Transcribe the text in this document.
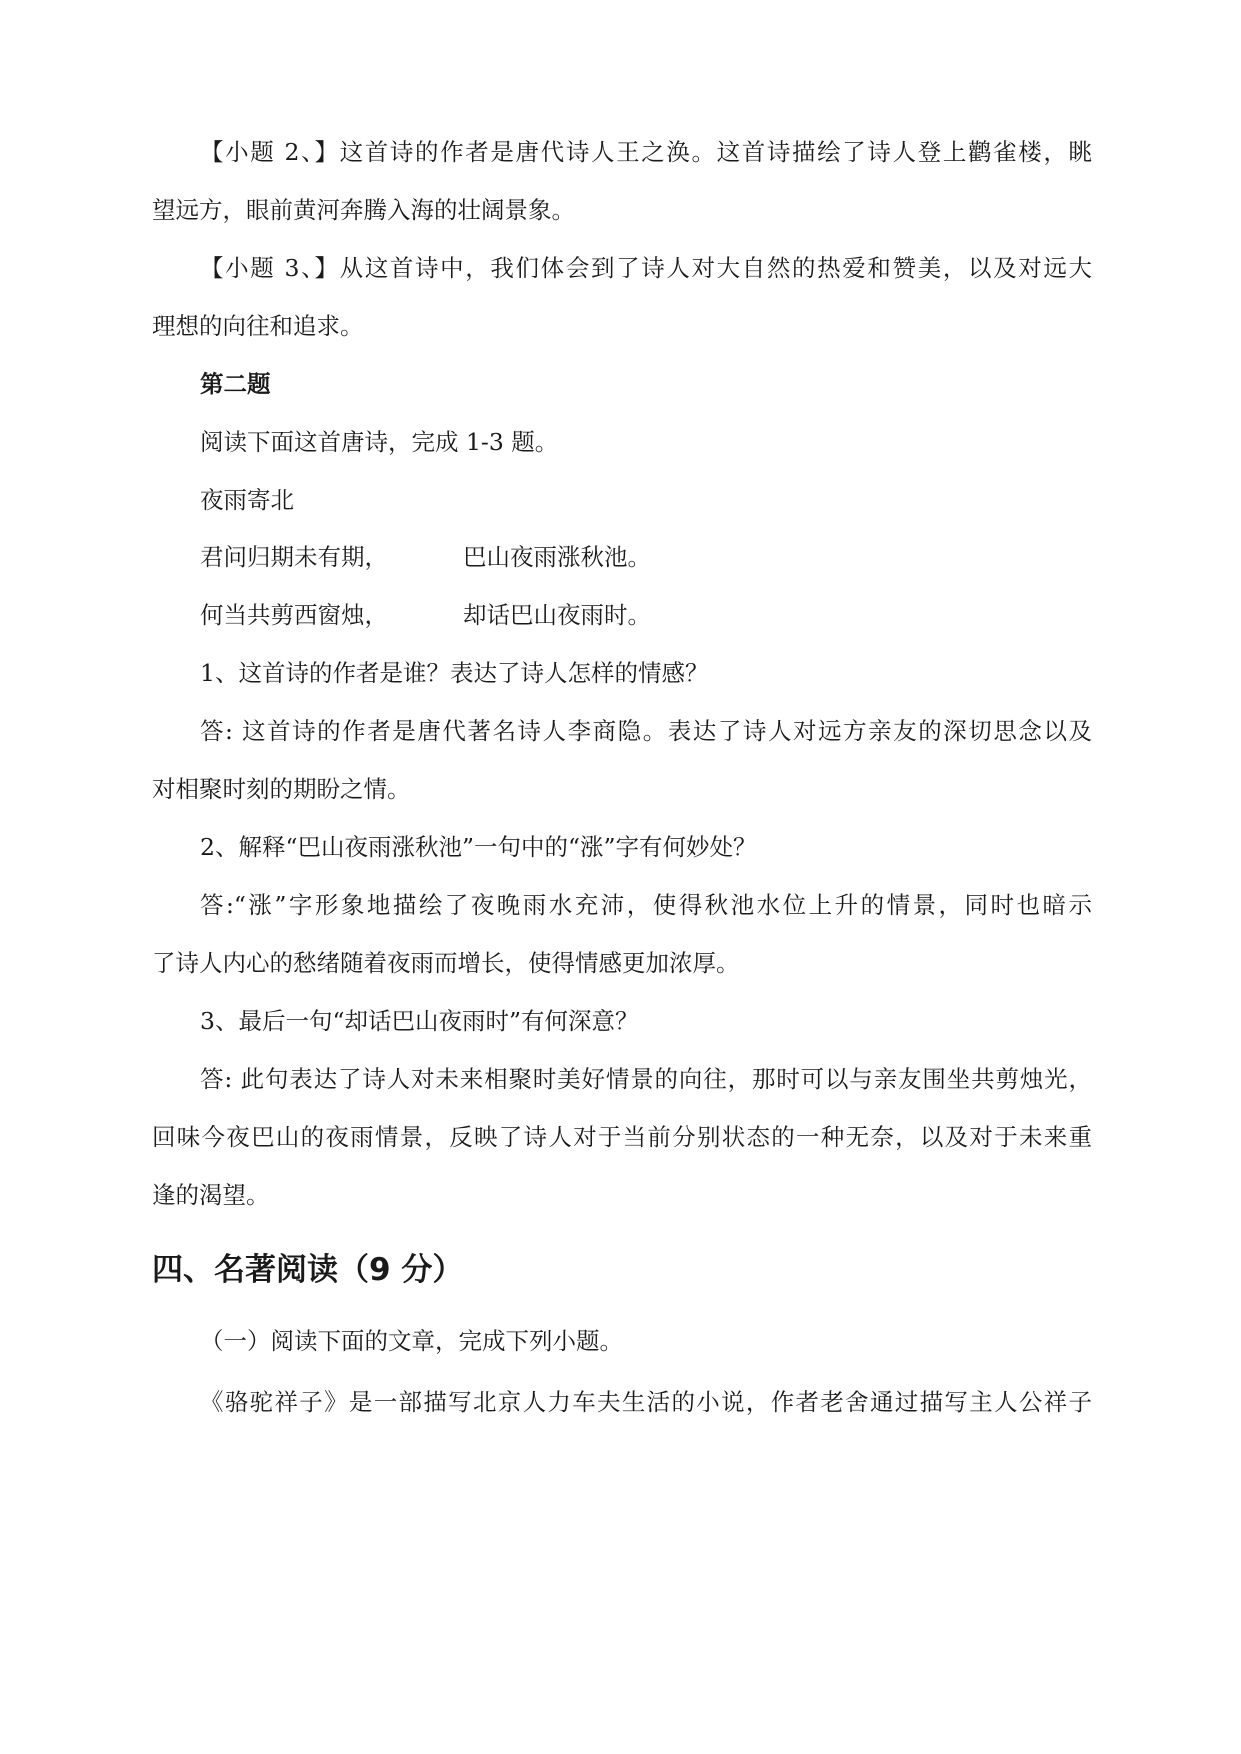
【小题 2、】这首诗的作者是唐代诗人王之涣。这首诗描绘了诗人登上鹳雀楼，眺
望远方，眼前黄河奔腾入海的壮阔景象。
【小题 3、】从这首诗中，我们体会到了诗人对大自然的热爱和赞美，以及对远大
理想的向往和追求。
第二题
阅读下面这首唐诗，完成 1-3 题。
夜雨寄北
君问归期未有期，	巴山夜雨涨秋池。
何当共剪西窗烛，	却话巴山夜雨时。
1、这首诗的作者是谁？表达了诗人怎样的情感？
答: 这首诗的作者是唐代著名诗人李商隐。表达了诗人对远方亲友的深切思念以及
对相聚时刻的期盼之情。
2、解释“巴山夜雨涨秋池”一句中的“涨”字有何妙处？
答:“涨”字形象地描绘了夜晚雨水充沛，使得秋池水位上升的情景，同时也暗示
了诗人内心的愁绪随着夜雨而增长，使得情感更加浓厚。
3、最后一句“却话巴山夜雨时”有何深意？
答: 此句表达了诗人对未来相聚时美好情景的向往，那时可以与亲友围坐共剪烛光，
回味今夜巴山的夜雨情景，反映了诗人对于当前分别状态的一种无奈，以及对于未来重
逢的渴望。
四、名著阅读（9 分）
（一）阅读下面的文章，完成下列小题。
《骆驼祥子》是一部描写北京人力车夫生活的小说，作者老舍通过描写主人公祥子
